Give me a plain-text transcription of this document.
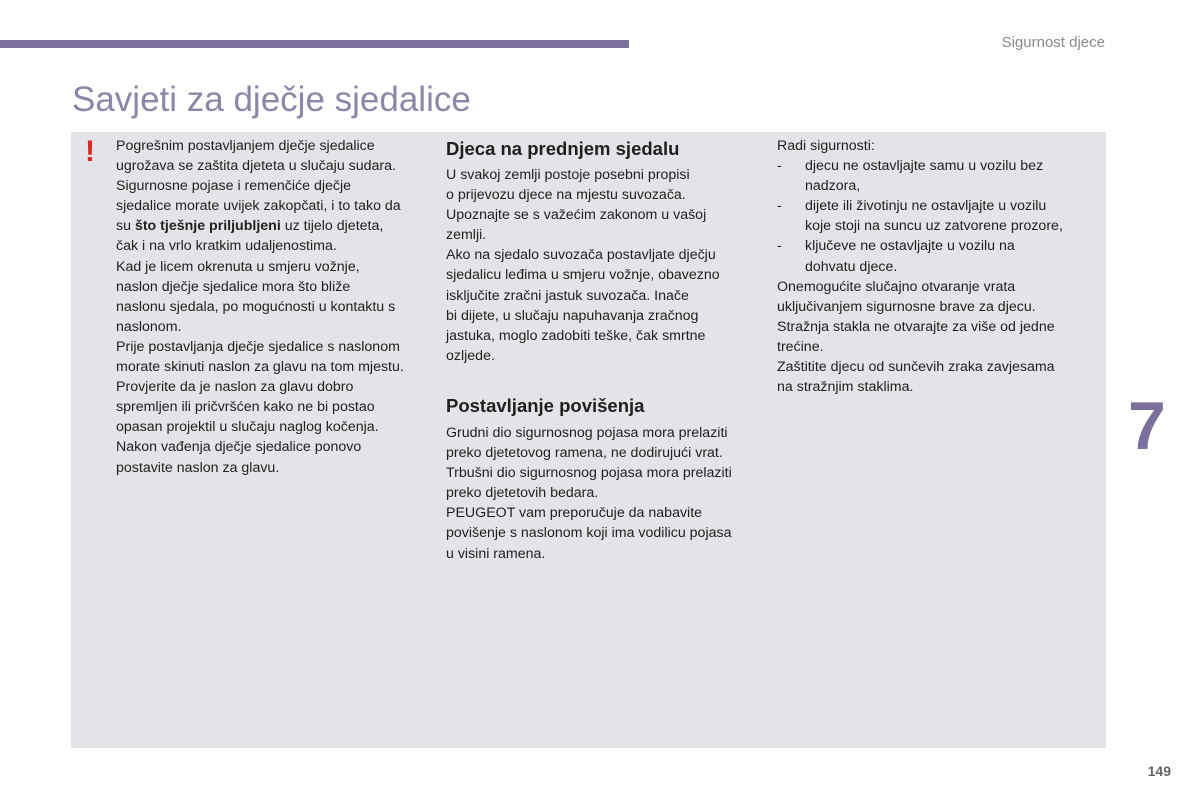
Sigurnost djece
Savjeti za dječje sjedalice
! Pogrešnim postavljanjem dječje sjedalice

ugrožava se zaštita djeteta u slučaju sudara.

Sigurnosne pojase i remenčiće dječje

sjedalice morate uvijek zakopčati, i to tako da

su što tješnje priljubljeni uz tijelo djeteta,

čak i na vrlo kratkim udaljenostima.

Kad je licem okrenuta u smjeru vožnje,

naslon dječje sjedalice mora što bliže

naslonu sjedala, po mogućnosti u kontaktu s

naslonom.

Prije postavljanja dječje sjedalice s naslonom

morate skinuti naslon za glavu na tom mjestu.

Provjerite da je naslon za glavu dobro

spremljen ili pričvršćen kako ne bi postao

opasan projektil u slučaju naglog kočenja.

Nakon vađenja dječje sjedalice ponovo

postavite naslon za glavu.

Djeca na prednjem sjedalu

U svakoj zemlji postoje posebni propisi

o prijevozu djece na mjestu suvozača.

Upoznajte se s važećim zakonom u vašoj

zemlji.

Ako na sjedalo suvozača postavljate dječju

sjedalicu leđima u smjeru vožnje, obavezno

isključite zračni jastuk suvozača. Inače

bi dijete, u slučaju napuhavanja zračnog

jastuka, moglo zadobiti teške, čak smrtne

ozljede.

Postavljanje povišenja

Grudni dio sigurnosnog pojasa mora prelaziti

preko djetetovog ramena, ne dodirujući vrat.

Trbušni dio sigurnosnog pojasa mora prelaziti

preko djetetovih bedara.

PEUGEOT vam preporučuje da nabavite

povišenje s naslonom koji ima vodilicu pojasa

u visini ramena.

Radi sigurnosti:

-	djecu ne ostavljajte samu u vozilu bez
nadzora,
-	dijete ili životinju ne ostavljajte u vozilu
koje stoji na suncu uz zatvorene prozore,
-	ključeve ne ostavljajte u vozilu na
dohvatu djece.

Onemogućite slučajno otvaranje vrata

uključivanjem sigurnosne brave za djecu.

Stražnja stakla ne otvarajte za više od jedne

trećine.

Zaštitite djecu od sunčevih zraka zavjesama

na stražnjim staklima.

7
149
